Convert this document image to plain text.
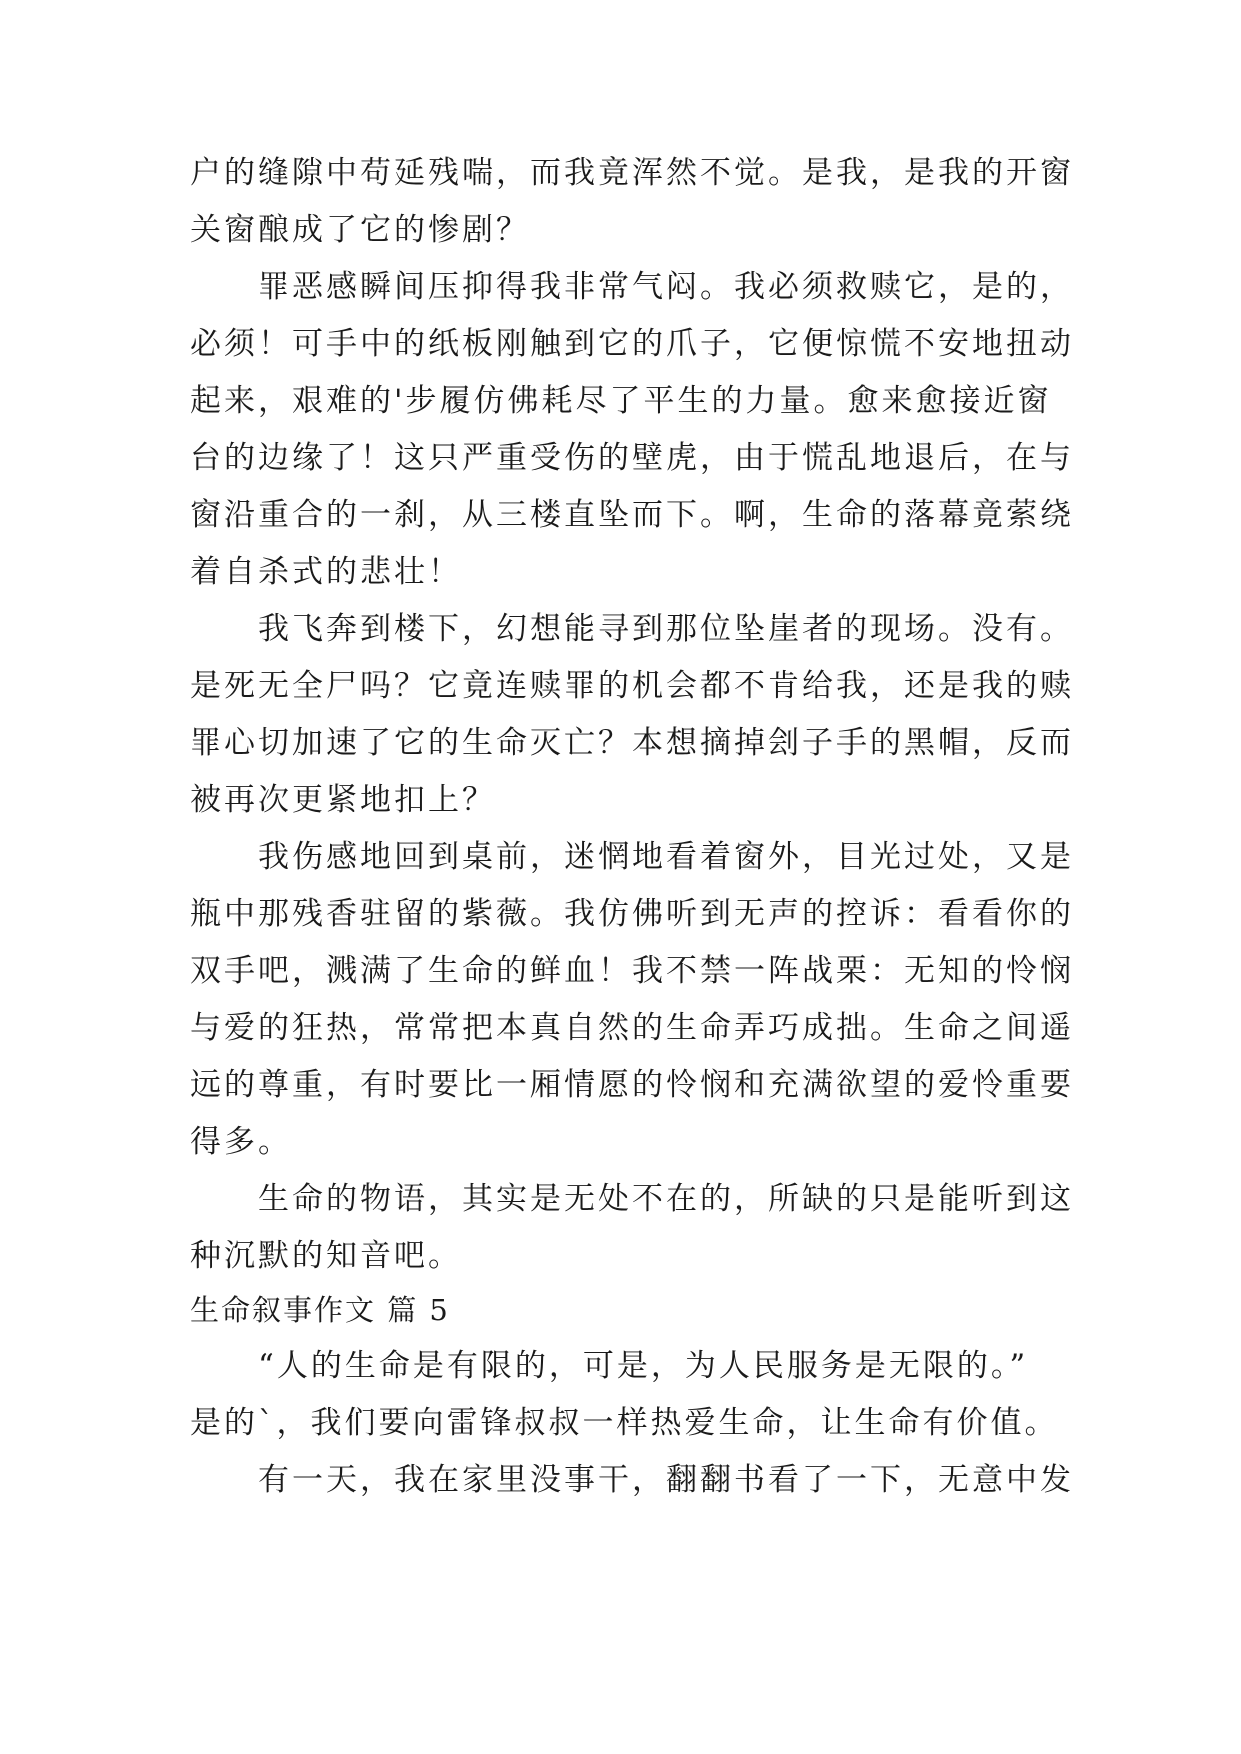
户的缝隙中苟延残喘，而我竟浑然不觉。是我，是我的开窗
关窗酿成了它的惨剧？
　　罪恶感瞬间压抑得我非常气闷。我必须救赎它，是的，
必须！可手中的纸板刚触到它的爪子，它便惊慌不安地扭动
起来，艰难的'步履仿佛耗尽了平生的力量。愈来愈接近窗
台的边缘了！这只严重受伤的壁虎，由于慌乱地退后，在与
窗沿重合的一刹，从三楼直坠而下。啊，生命的落幕竟萦绕
着自杀式的悲壮！
　　我飞奔到楼下，幻想能寻到那位坠崖者的现场。没有。
是死无全尸吗？它竟连赎罪的机会都不肯给我，还是我的赎
罪心切加速了它的生命灭亡？本想摘掉刽子手的黑帽，反而
被再次更紧地扣上？
　　我伤感地回到桌前，迷惘地看着窗外，目光过处，又是
瓶中那残香驻留的紫薇。我仿佛听到无声的控诉：看看你的
双手吧，溅满了生命的鲜血！我不禁一阵战栗：无知的怜悯
与爱的狂热，常常把本真自然的生命弄巧成拙。生命之间遥
远的尊重，有时要比一厢情愿的怜悯和充满欲望的爱怜重要
得多。
　　生命的物语，其实是无处不在的，所缺的只是能听到这
种沉默的知音吧。
生命叙事作文 篇 5
　　“人的生命是有限的，可是，为人民服务是无限的。”
是的`，我们要向雷锋叔叔一样热爱生命，让生命有价值。
　　有一天，我在家里没事干，翻翻书看了一下，无意中发
